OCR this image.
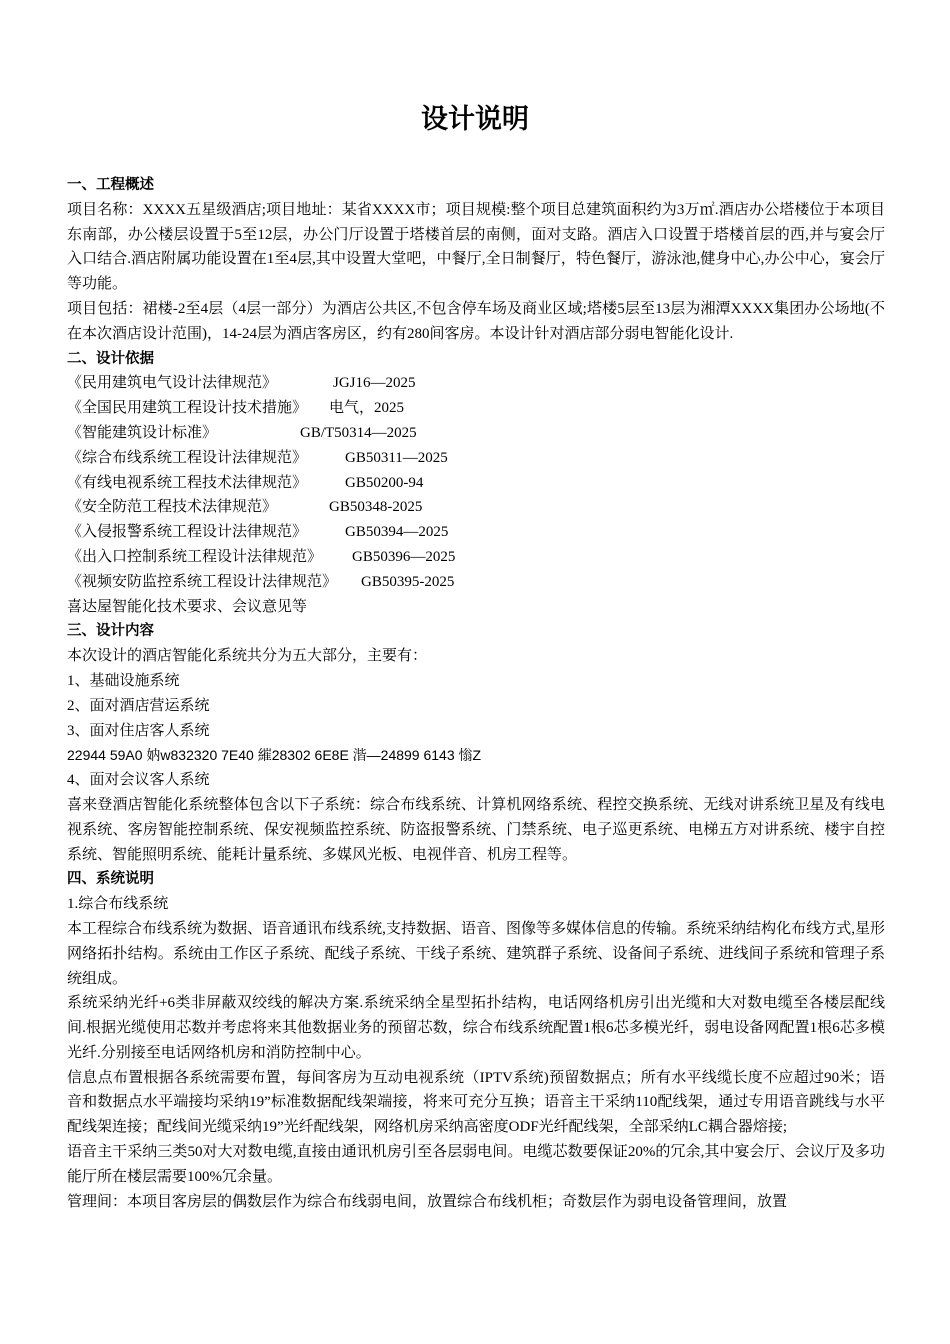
设计说明
一、工程概述
项目名称：XXXX五星级酒店;项目地址：某省XXXX市；项目规模:整个项目总建筑面积约为3万㎡.酒店办公塔楼位于本项目东南部，办公楼层设置于5至12层，办公门厅设置于塔楼首层的南侧，面对支路。酒店入口设置于塔楼首层的西,并与宴会厅入口结合.酒店附属功能设置在1至4层,其中设置大堂吧，中餐厅,全日制餐厅，特色餐厅，游泳池,健身中心,办公中心，宴会厅等功能。
项目包括：裙楼-2至4层（4层一部分）为酒店公共区,不包含停车场及商业区域;塔楼5层至13层为湘潭XXXX集团办公场地(不在本次酒店设计范围)，14-24层为酒店客房区，约有280间客房。本设计针对酒店部分弱电智能化设计.
二、设计依据
《民用建筑电气设计法律规范》	JGJ16—2025
《全国民用建筑工程设计技术措施》 电气，2025
《智能建筑设计标准》	GB/T50314—2025
《综合布线系统工程设计法律规范》	GB50311—2025
《有线电视系统工程技术法律规范》	GB50200-94
《安全防范工程技术法律规范》	GB50348-2025
《入侵报警系统工程设计法律规范》	GB50394—2025
《出入口控制系统工程设计法律规范》 GB50396—2025
《视频安防监控系统工程设计法律规范》 GB50395-2025
喜达屋智能化技术要求、会议意见等
三、设计内容
本次设计的酒店智能化系统共分为五大部分，主要有：
1、基础设施系统
2、面对酒店营运系统
3、面对住店客人系统
22944 59A0 妠w832320 7E40 繀28302 6E8E 湝—24899 6143 慃Z
4、面对会议客人系统
喜来登酒店智能化系统整体包含以下子系统：综合布线系统、计算机网络系统、程控交换系统、无线对讲系统卫星及有线电视系统、客房智能控制系统、保安视频监控系统、防盗报警系统、门禁系统、电子巡更系统、电梯五方对讲系统、楼宇自控系统、智能照明系统、能耗计量系统、多媒风光板、电视伴音、机房工程等。
四、系统说明
1.综合布线系统
本工程综合布线系统为数据、语音通讯布线系统,支持数据、语音、图像等多媒体信息的传输。系统采纳结构化布线方式,星形网络拓扑结构。系统由工作区子系统、配线子系统、干线子系统、建筑群子系统、设备间子系统、进线间子系统和管理子系统组成。
系统采纳光纤+6类非屏蔽双绞线的解决方案.系统采纳全星型拓扑结构，电话网络机房引出光缆和大对数电缆至各楼层配线间.根据光缆使用芯数并考虑将来其他数据业务的预留芯数，综合布线系统配置1根6芯多模光纤，弱电设备网配置1根6芯多模光纤.分别接至电话网络机房和消防控制中心。
信息点布置根据各系统需要布置，每间客房为互动电视系统（IPTV系统)预留数据点；所有水平线缆长度不应超过90米；语音和数据点水平端接均采纳19”标准数据配线架端接，将来可充分互换；语音主干采纳110配线架，通过专用语音跳线与水平配线架连接；配线间光缆采纳19”光纤配线架，网络机房采纳高密度ODF光纤配线架，全部采纳LC耦合器熔接;
语音主干采纳三类50对大对数电缆,直接由通讯机房引至各层弱电间。电缆芯数要保证20%的冗余,其中宴会厅、会议厅及多功能厅所在楼层需要100%冗余量。
管理间：本项目客房层的偶数层作为综合布线弱电间，放置综合布线机柜；奇数层作为弱电设备管理间，放置
